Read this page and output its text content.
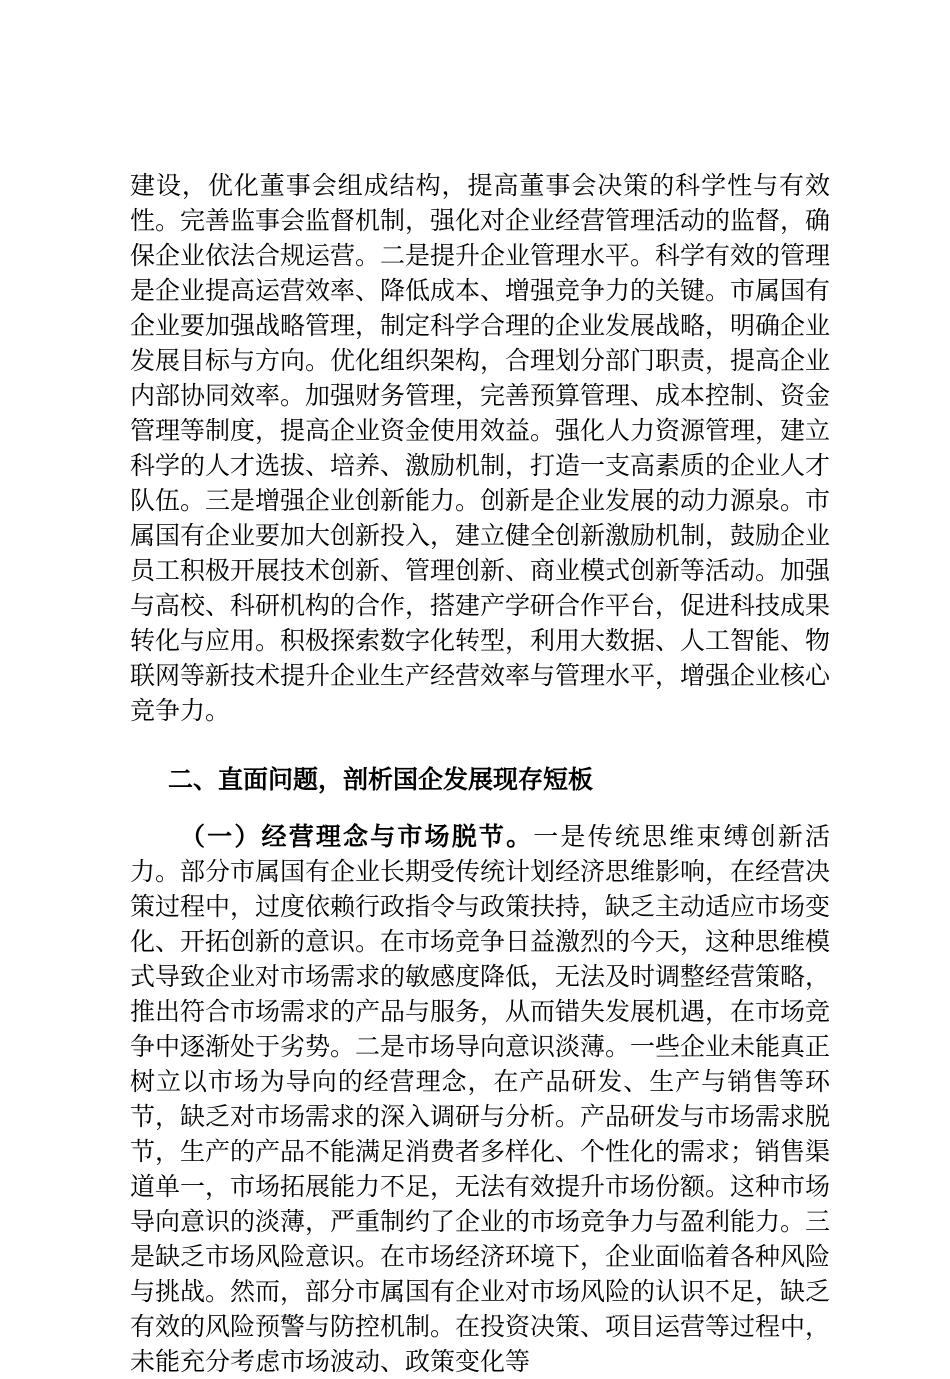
建设，优化董事会组成结构，提高董事会决策的科学性与有效性。完善监事会监督机制，强化对企业经营管理活动的监督，确保企业依法合规运营。二是提升企业管理水平。科学有效的管理是企业提高运营效率、降低成本、增强竞争力的关键。市属国有企业要加强战略管理，制定科学合理的企业发展战略，明确企业发展目标与方向。优化组织架构，合理划分部门职责，提高企业内部协同效率。加强财务管理，完善预算管理、成本控制、资金管理等制度，提高企业资金使用效益。强化人力资源管理，建立科学的人才选拔、培养、激励机制，打造一支高素质的企业人才队伍。三是增强企业创新能力。创新是企业发展的动力源泉。市属国有企业要加大创新投入，建立健全创新激励机制，鼓励企业员工积极开展技术创新、管理创新、商业模式创新等活动。加强与高校、科研机构的合作，搭建产学研合作平台，促进科技成果转化与应用。积极探索数字化转型，利用大数据、人工智能、物联网等新技术提升企业生产经营效率与管理水平，增强企业核心竞争力。

二、直面问题，剖析国企发展现存短板

（一）经营理念与市场脱节。一是传统思维束缚创新活力。部分市属国有企业长期受传统计划经济思维影响，在经营决策过程中，过度依赖行政指令与政策扶持，缺乏主动适应市场变化、开拓创新的意识。在市场竞争日益激烈的今天，这种思维模式导致企业对市场需求的敏感度降低，无法及时调整经营策略，推出符合市场需求的产品与服务，从而错失发展机遇，在市场竞争中逐渐处于劣势。二是市场导向意识淡薄。一些企业未能真正树立以市场为导向的经营理念，在产品研发、生产与销售等环节，缺乏对市场需求的深入调研与分析。产品研发与市场需求脱节，生产的产品不能满足消费者多样化、个性化的需求；销售渠道单一，市场拓展能力不足，无法有效提升市场份额。这种市场导向意识的淡薄，严重制约了企业的市场竞争力与盈利能力。三是缺乏市场风险意识。在市场经济环境下，企业面临着各种风险与挑战。然而，部分市属国有企业对市场风险的认识不足，缺乏有效的风险预警与防控机制。在投资决策、项目运营等过程中，未能充分考虑市场波动、政策变化等
